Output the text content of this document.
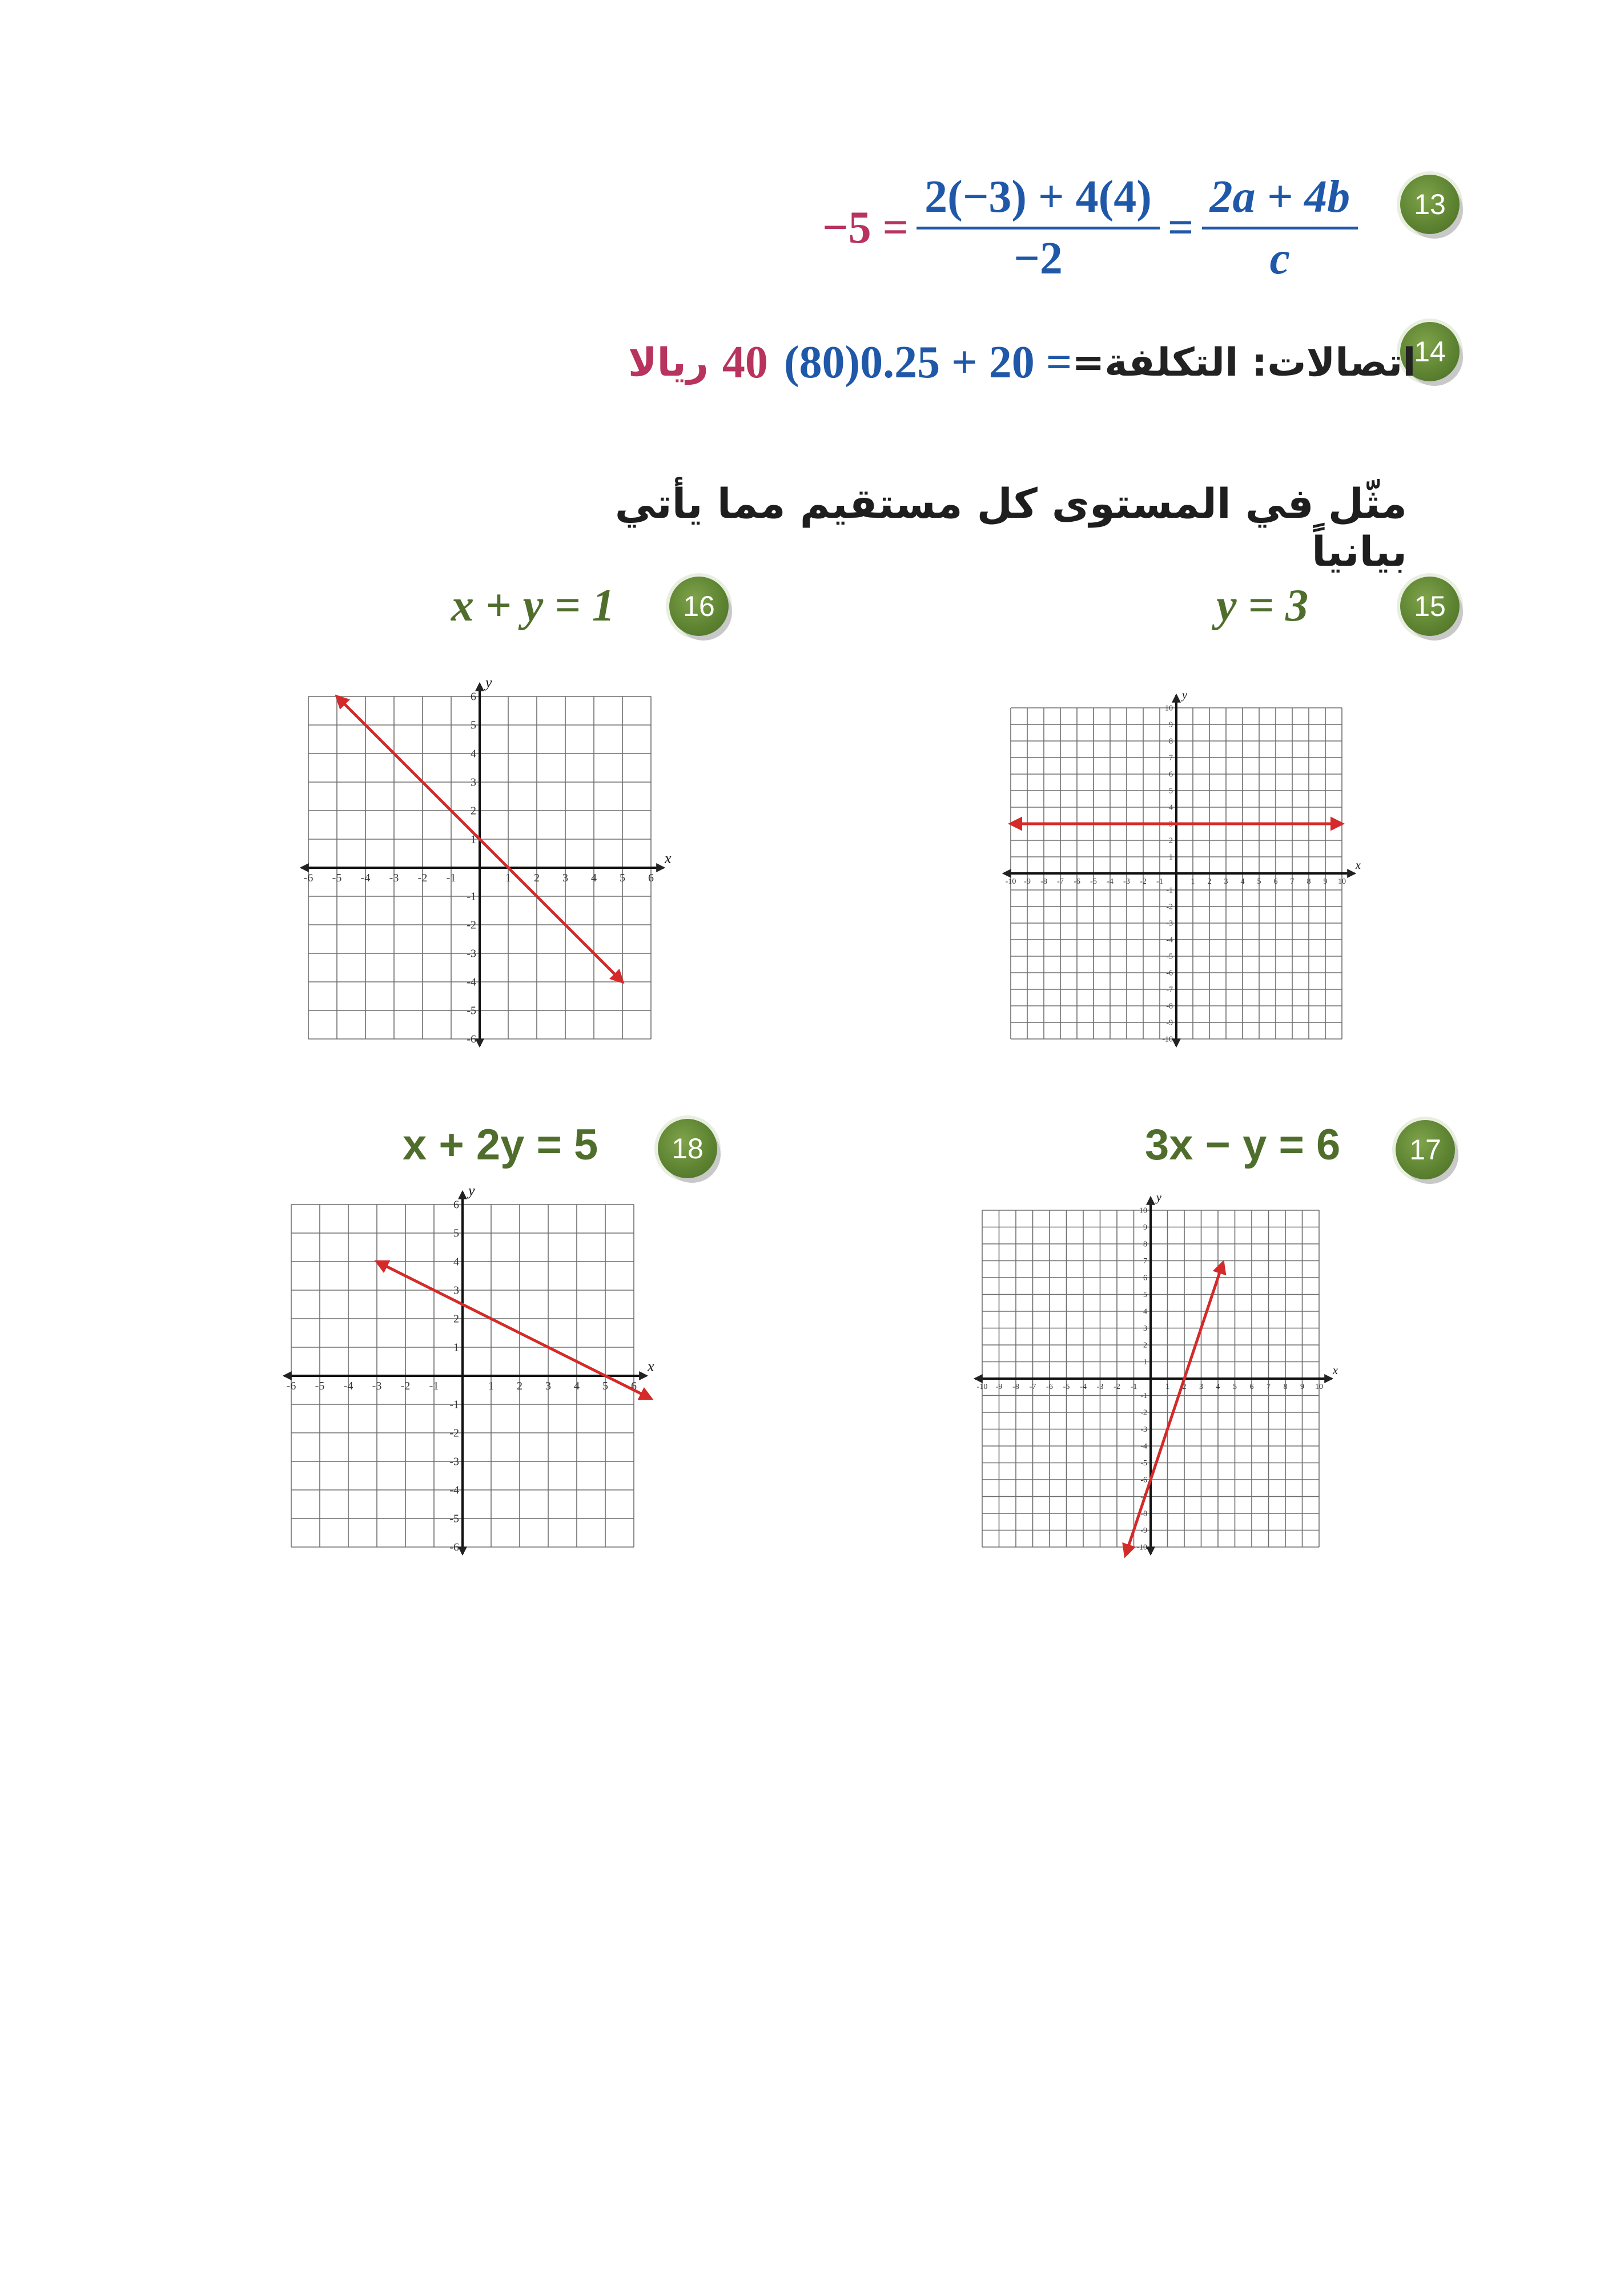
13
$-5 = \frac{2(-3) + 4(4)}{-2} = \frac{2a + 4b}{c}$
14
ريالا 40 (80)0.25 + 20 = اتصالات: التكلفة=
مثّل في المستوى كل مستقيم مما يأتي بيانياً
16
x + y = 1	15
y = 3
18
x + 2y = 5	17
3x − y = 6
x
y
-6 -5 -4 -3 -2 -1	1 2 3 4 5 6
-6
-5
-4
-3
-2
-1
1
2
3
4
5
6
x
y
-10 -9 -8 -7 -6 -5 -4 -3 -2 -1	1 2 3 4 5 6 7 8 9 10
-10
-9
-8
-7
-6
-5
-4
-3
-2
-1
1
2
3
4
5
6
7
8
9
10
x
y
-6 -5 -4 -3 -2 -1	1 2 3 4 5 6
-6
-5
-4
-3
-2
-1
1
2
3
4
5
6
x
y
-10 -9 -8 -7 -6 -5 -4 -3 -2 -1	1 2 3 4 5 6 7 8 9 10
-10
-9
-8
-7
-6
-5
-4
-3
-2
-1
1
2
3
4
5
6
7
8
9
10
